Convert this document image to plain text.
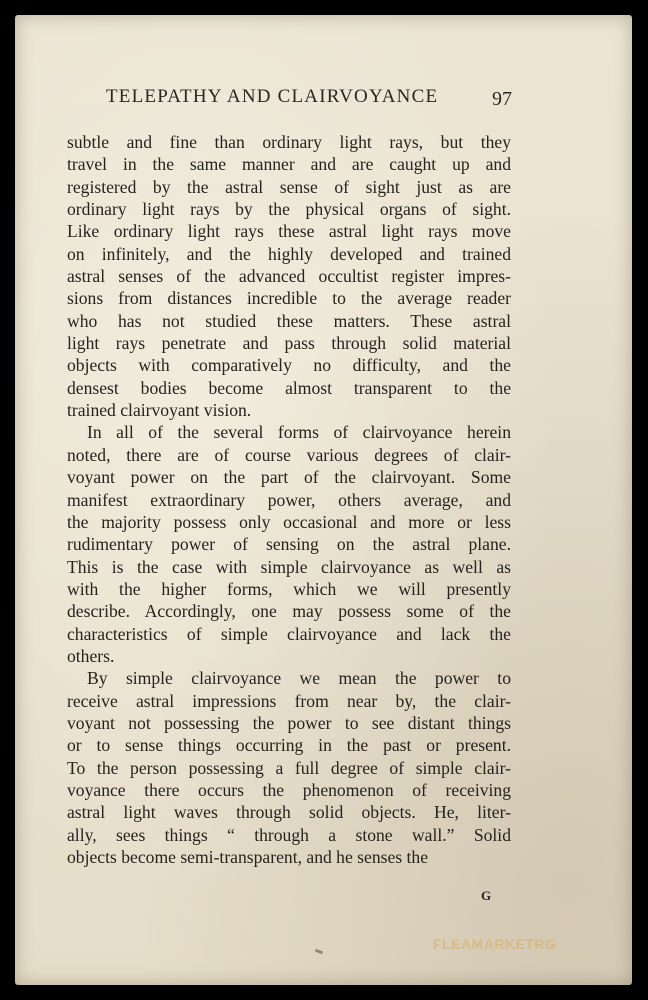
TELEPATHY AND CLAIRVOYANCE	97
subtle and fine than ordinary light rays, but they
travel in the same manner and are caught up and
registered by the astral sense of sight just as are
ordinary light rays by the physical organs of sight.
Like ordinary light rays these astral light rays move
on infinitely, and the highly developed and trained
astral senses of the advanced occultist register impres-
sions from distances incredible to the average reader
who has not studied these matters. These astral
light rays penetrate and pass through solid material
objects with comparatively no difficulty, and the
densest bodies become almost transparent to the
trained clairvoyant vision.
In all of the several forms of clairvoyance herein
noted, there are of course various degrees of clair-
voyant power on the part of the clairvoyant. Some
manifest extraordinary power, others average, and
the majority possess only occasional and more or less
rudimentary power of sensing on the astral plane.
This is the case with simple clairvoyance as well as
with the higher forms, which we will presently
describe. Accordingly, one may possess some of the
characteristics of simple clairvoyance and lack the
others.
By simple clairvoyance we mean the power to
receive astral impressions from near by, the clair-
voyant not possessing the power to see distant things
or to sense things occurring in the past or present.
To the person possessing a full degree of simple clair-
voyance there occurs the phenomenon of receiving
astral light waves through solid objects. He, liter-
ally, sees things “ through a stone wall.” Solid
objects become semi-transparent, and he senses the
G
FLEAMARKETRG
